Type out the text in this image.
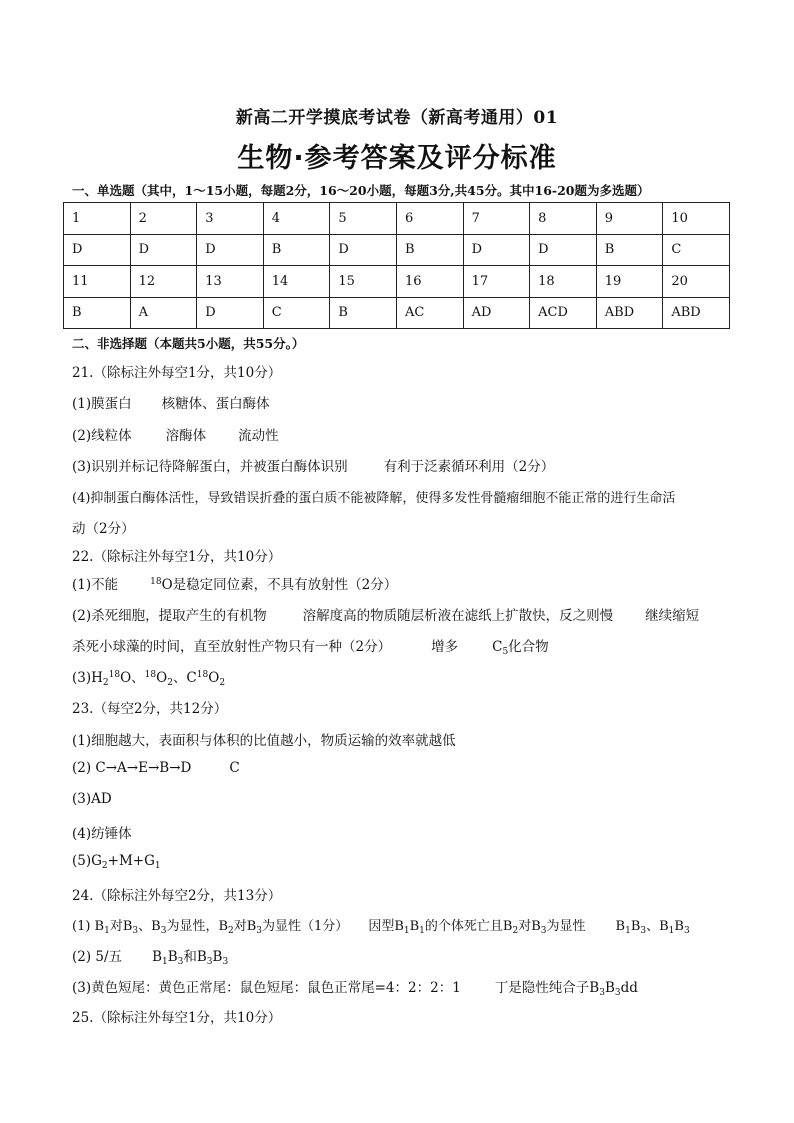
新高二开学摸底考试卷（新高考通用）01
生物·参考答案及评分标准
一、单选题（其中，1～15小题，每题2分，16～20小题，每题3分,共45分。其中16-20题为多选题）
1	2	3	4	5	6	7	8	9	10
D	D	D	B	D	B	D	D	B	C
11	12	13	14	15	16	17	18	19	20
B	A	D	C	B	AC	AD	ACD	ABD	ABD
二、非选择题（本题共5小题，共55分。）
21.（除标注外每空1分，共10分）
(1)膜蛋白 核糖体、蛋白酶体
(2)线粒体	溶酶体 流动性
(3)识别并标记待降解蛋白，并被蛋白酶体识别	有利于泛素循环利用（2分）
(4)抑制蛋白酶体活性，导致错误折叠的蛋白质不能被降解，使得多发性骨髓瘤细胞不能正常的进行生命活
动（2分）
22.（除标注外每空1分，共10分）
(1)不能	$^{18}$O是稳定同位素，不具有放射性（2分）
(2)杀死细胞，提取产生的有机物	溶解度高的物质随层析液在滤纸上扩散快，反之则慢 继续缩短
杀死小球藻的时间，直至放射性产物只有一种（2分）	增多	$C_5$化合物
$(3)H_2^{18}O$、$^{18}O_2$、$C^{18}O_2$
23.（每空2分，共12分）
(1)细胞越大，表面积与体积的比值越小，物质运输的效率就越低
(2) C→A→E→B→D	C
(3)AD
(4)纺锤体
$(5)G_2+M+G_1$
24.（除标注外每空2分，共13分）
(1) $B_1$对$B_3$、$B_3$为显性，$B_2$对$B_3$为显性（1分） 因型$B_1B_1$的个体死亡且$B_2$对$B_3$为显性 $B_1B_3$、$B_1B_3$
(2) 5/五 $B_1B_3$和$B_3B_3$
(3)黄色短尾：黄色正常尾：鼠色短尾：鼠色正常尾=4：2：2：1	丁是隐性纯合子$B_3B_3dd$
25.（除标注外每空1分，共10分）
